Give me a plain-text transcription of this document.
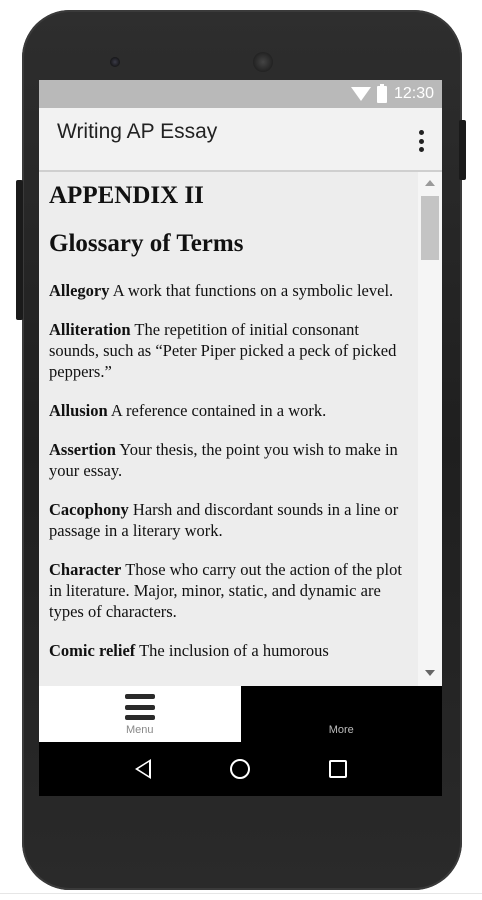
12:30
Writing AP Essay
APPENDIX II
Glossary of Terms

Allegory A work that functions on a symbolic level.

Alliteration The repetition of initial consonant sounds, such as “Peter Piper picked a peck of picked peppers.”

Allusion A reference contained in a work.

Assertion Your thesis, the point you wish to make in your essay.

Cacophony Harsh and discordant sounds in a line or passage in a literary work.

Character Those who carry out the action of the plot in literature. Major, minor, static, and dynamic are types of characters.

Comic relief The inclusion of a humorous

Menu	More
